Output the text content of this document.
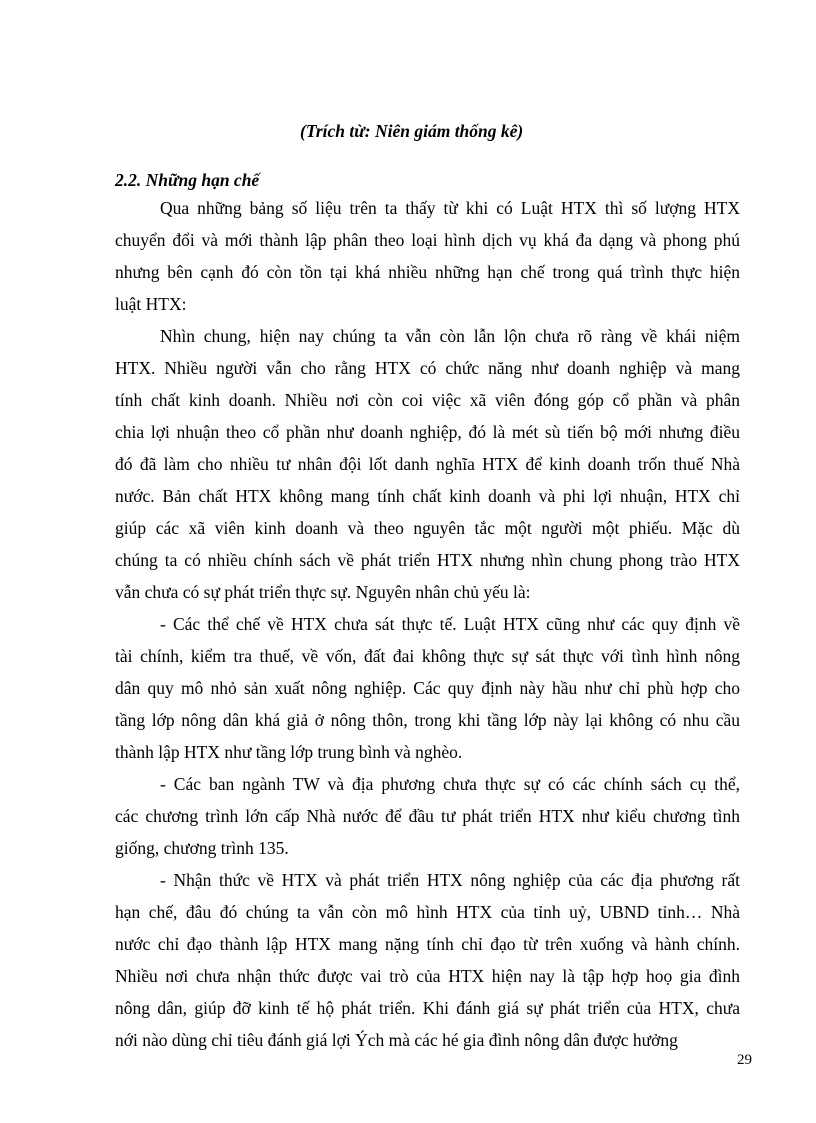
(Trích từ: Niên giám thống kê)
2.2. Những hạn chế
Qua những bảng số liệu trên ta thấy từ khi có Luật HTX thì số lượng HTX
chuyển đổi và mới thành lập phân theo loại hình dịch vụ khá đa dạng và phong phú
nhưng bên cạnh đó còn tồn tại khá nhiều những hạn chế trong quá trình thực hiện
luật HTX:
Nhìn chung, hiện nay chúng ta vẫn còn lẫn lộn chưa rõ ràng về khái niệm
HTX. Nhiều người vẫn cho rằng HTX có chức năng như doanh nghiệp và mang
tính chất kinh doanh. Nhiều nơi còn coi việc xã viên đóng góp cổ phần và phân
chia lợi nhuận theo cổ phần như doanh nghiệp, đó là mét sù tiến bộ mới nhưng điều
đó đã làm cho nhiều tư nhân đội lốt danh nghĩa HTX để kinh doanh trốn thuế Nhà
nước. Bản chất HTX không mang tính chất kinh doanh và phi lợi nhuận, HTX chỉ
giúp các xã viên kinh doanh và theo nguyên tắc một người một phiếu. Mặc dù
chúng ta có nhiều chính sách về phát triển HTX nhưng nhìn chung phong trào HTX
vẫn chưa có sự phát triển thực sự. Nguyên nhân chủ yếu là:
- Các thể chế về HTX chưa sát thực tế. Luật HTX cũng như các quy định về
tài chính, kiểm tra thuế, về vốn, đất đai không thực sự sát thực với tình hình nông
dân quy mô nhỏ sản xuất nông nghiệp. Các quy định này hầu như chỉ phù hợp cho
tầng lớp nông dân khá giả ở nông thôn, trong khi tầng lớp này lại không có nhu cầu
thành lập HTX như tầng lớp trung bình và nghèo.
- Các ban ngành TW và địa phương chưa thực sự có các chính sách cụ thể,
các chương trình lớn cấp Nhà nước để đầu tư phát triển HTX như kiểu chương tình
giống, chương trình 135.
- Nhận thức về HTX và phát triển HTX nông nghiệp của các địa phương rất
hạn chế, đâu đó chúng ta vẫn còn mô hình HTX của tỉnh uỷ, UBND tỉnh… Nhà
nước chỉ đạo thành lập HTX mang nặng tính chỉ đạo từ trên xuống và hành chính.
Nhiều nơi chưa nhận thức được vai trò của HTX hiện nay là tập hợp hoọ gia đình
nông dân, giúp đỡ kinh tế hộ phát triển. Khi đánh giá sự phát triển của HTX, chưa
nới nào dùng chỉ tiêu đánh giá lợi Ých mà các hé gia đình nông dân được hưởng
29
